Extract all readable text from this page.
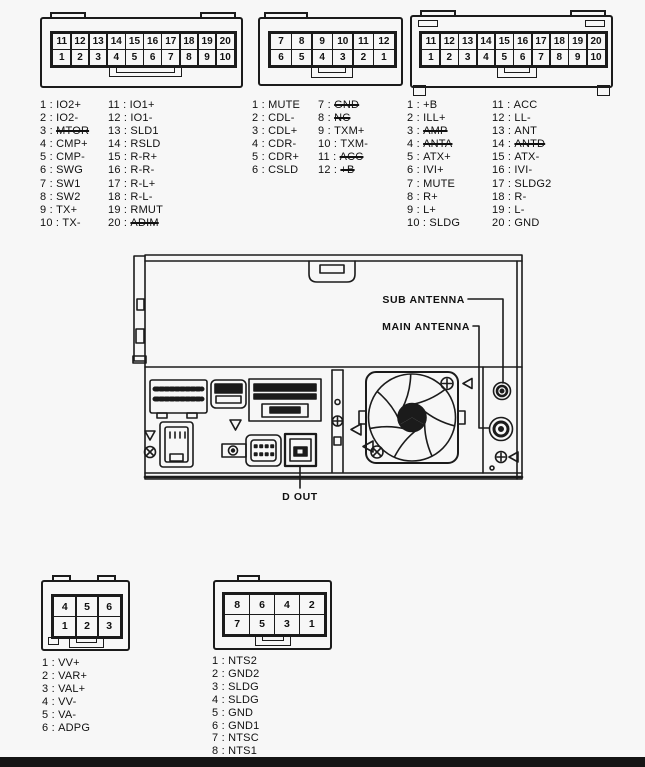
11 12 13 14 15 16 17 18 19 20
1	2	3	4	5	6	7	8	9 10
1 : IO2+
2 : IO2-
3 : MTOR
4 : CMP+
5 : CMP-
6 : SWG
7 : SW1
8 : SW2
9 : TX+
10 : TX-
11 : IO1+
12 : IO1-
13 : SLD1
14 : RSLD
15 : R-R+
16 : R-R-
17 : R-L+
18 : R-L-
19 : RMUT
20 : ADIM
7	8	9	10 11 12
6	5	4	3	2	1
1 : MUTE
2 : CDL-
3 : CDL+
4 : CDR-
5 : CDR+
6 : CSLD
7 : GND
8 : NC
9 : TXM+
10 : TXM-
11 : ACC
12 : +B
11 12 13 14 15 16 17 18 19 20
1	2	3	4	5	6	7	8	9	10
1 : +B
2 : ILL+
3 : AMP
4 : ANTA
5 : ATX+
6 : IVI+
7 : MUTE
8 : R+
9 : L+
10 : SLDG
11 : ACC
12 : LL-
13 : ANT
14 : ANTD
15 : ATX-
16 : IVI-
17 : SLDG2
18 : R-
19 : L-
20 : GND
SUB ANTENNA
MAIN ANTENNA
D OUT
4	5	6
1	2	3
1 : VV+
2 : VAR+
3 : VAL+
4 : VV-
5 : VA-
6 : ADPG
8	6	4	2
7	5	3	1
1 : NTS2
2 : GND2
3 : SLDG
4 : SLDG
5 : GND
6 : GND1
7 : NTSC
8 : NTS1
